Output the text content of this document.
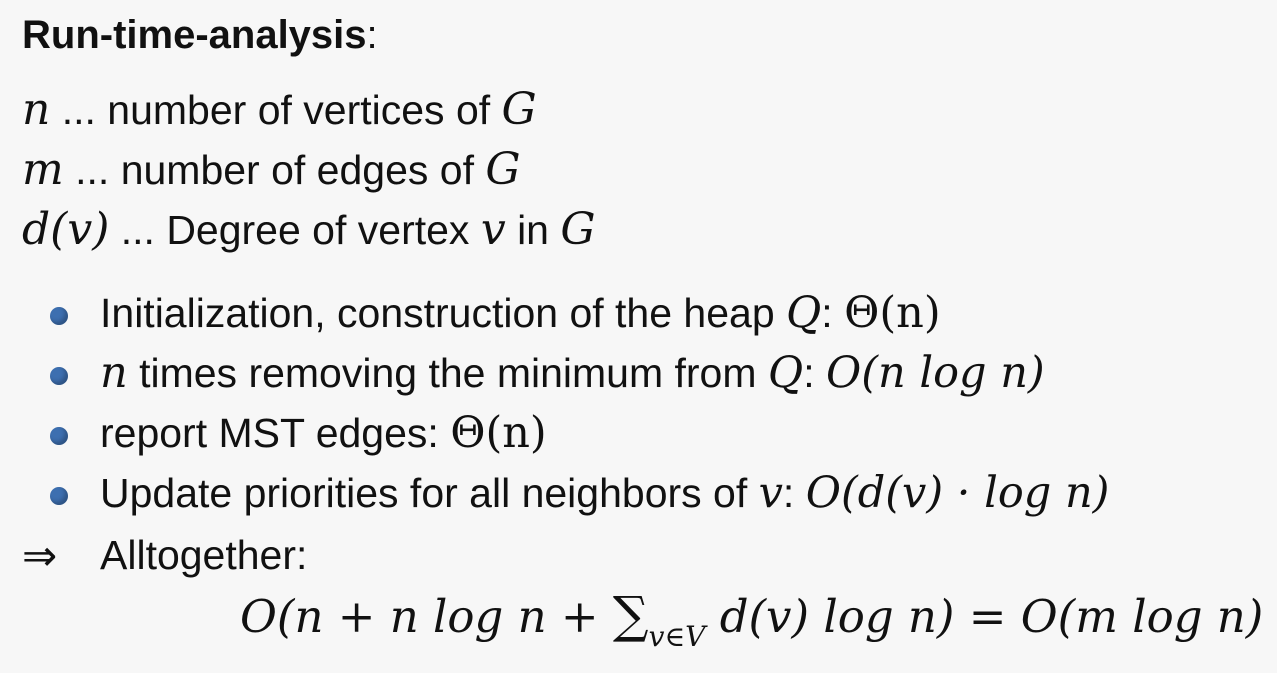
Run-time-analysis:
n ... number of vertices of G
m ... number of edges of G
d(v) ... Degree of vertex v in G
Initialization, construction of the heap Q: Θ(n)
n times removing the minimum from Q: O(n log n)
report MST edges: Θ(n)
Update priorities for all neighbors of v: O(d(v) · log n)
⇒ Alltogether:
O(n + n $\log n + \sum_{v\in V}$ d(v) log n) = O(m log n)
